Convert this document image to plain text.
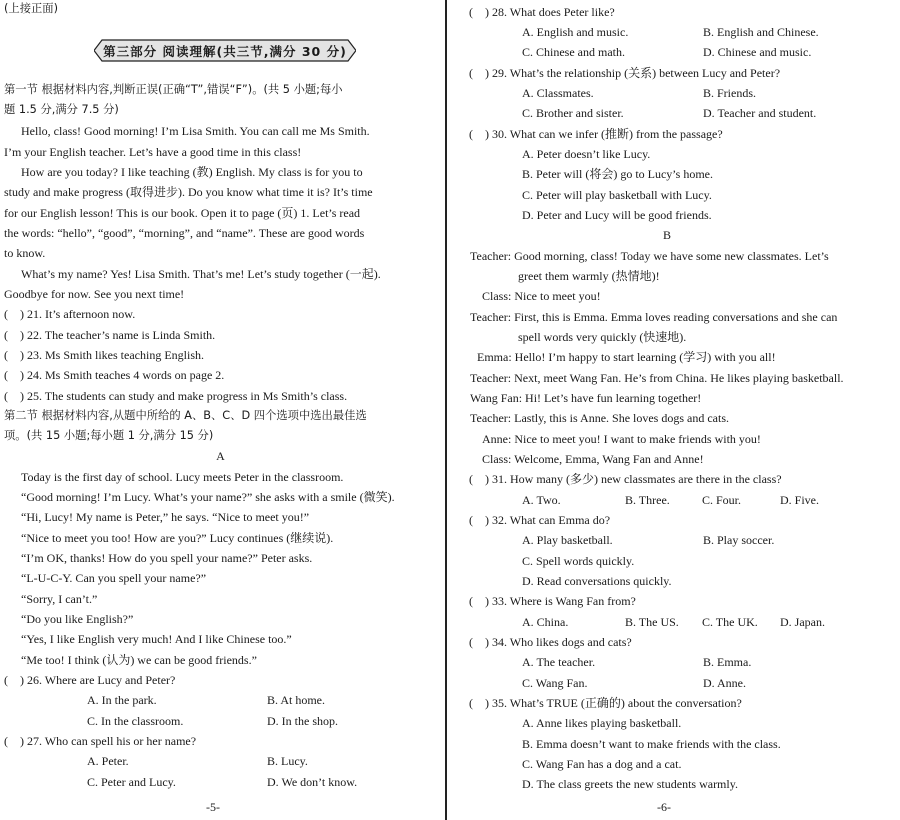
(上接正面)
第三部分 阅读理解(共三节,满分 30 分)
第一节 根据材料内容,判断正误(正确“T”,错误“F”)。(共 5 小题;每小
题 1.5 分,满分 7.5 分)
Hello, class! Good morning! I’m Lisa Smith. You can call me Ms Smith.
I’m your English teacher. Let’s have a good time in this class!
How are you today? I like teaching (教) English. My class is for you to
study and make progress (取得进步). Do you know what time it is? It’s time
for our English lesson! This is our book. Open it to page (页) 1. Let’s read
the words: “hello”, “good”, “morning”, and “name”. These are good words
to know.
What’s my name? Yes! Lisa Smith. That’s me! Let’s study together (一起).
Goodbye for now. See you next time!
(　) 21. It’s afternoon now.
(　) 22. The teacher’s name is Linda Smith.
(　) 23. Ms Smith likes teaching English.
(　) 24. Ms Smith teaches 4 words on page 2.
(　) 25. The students can study and make progress in Ms Smith’s class.
第二节 根据材料内容,从题中所给的 A、B、C、D 四个选项中选出最佳选
项。(共 15 小题;每小题 1 分,满分 15 分)
A
Today is the first day of school. Lucy meets Peter in the classroom.
“Good morning! I’m Lucy. What’s your name?” she asks with a smile (微笑).
“Hi, Lucy! My name is Peter,” he says. “Nice to meet you!”
“Nice to meet you too! How are you?” Lucy continues (继续说).
“I’m OK, thanks! How do you spell your name?” Peter asks.
“L-U-C-Y. Can you spell your name?”
“Sorry, I can’t.”
“Do you like English?”
“Yes, I like English very much! And I like Chinese too.”
“Me too! I think (认为) we can be good friends.”
(　) 26. Where are Lucy and Peter?
A. In the park.	B. At home.
C. In the classroom.	D. In the shop.
(　) 27. Who can spell his or her name?
A. Peter.	B. Lucy.
C. Peter and Lucy.	D. We don’t know.
-5-
(　) 28. What does Peter like?
A. English and music.	B. English and Chinese.
C. Chinese and math.	D. Chinese and music.
(　) 29. What’s the relationship (关系) between Lucy and Peter?
A. Classmates.	B. Friends.
C. Brother and sister.	D. Teacher and student.
(　) 30. What can we infer (推断) from the passage?
A. Peter doesn’t like Lucy.
B. Peter will (将会) go to Lucy’s home.
C. Peter will play basketball with Lucy.
D. Peter and Lucy will be good friends.
B
Teacher: Good morning, class! Today we have some new classmates. Let’s
greet them warmly (热情地)!
Class: Nice to meet you!
Teacher: First, this is Emma. Emma loves reading conversations and she can
spell words very quickly (快速地).
Emma: Hello! I’m happy to start learning (学习) with you all!
Teacher: Next, meet Wang Fan. He’s from China. He likes playing basketball.
Wang Fan: Hi! Let’s have fun learning together!
Teacher: Lastly, this is Anne. She loves dogs and cats.
Anne: Nice to meet you! I want to make friends with you!
Class: Welcome, Emma, Wang Fan and Anne!
(　) 31. How many (多少) new classmates are there in the class?
A. Two.	B. Three.	C. Four.	D. Five.
(　) 32. What can Emma do?
A. Play basketball.	B. Play soccer.
C. Spell words quickly.
D. Read conversations quickly.
(　) 33. Where is Wang Fan from?
A. China.	B. The US. C. The UK. D. Japan.
(　) 34. Who likes dogs and cats?
A. The teacher.	B. Emma.
C. Wang Fan.	D. Anne.
(　) 35. What’s TRUE (正确的) about the conversation?
A. Anne likes playing basketball.
B. Emma doesn’t want to make friends with the class.
C. Wang Fan has a dog and a cat.
D. The class greets the new students warmly.
-6-
